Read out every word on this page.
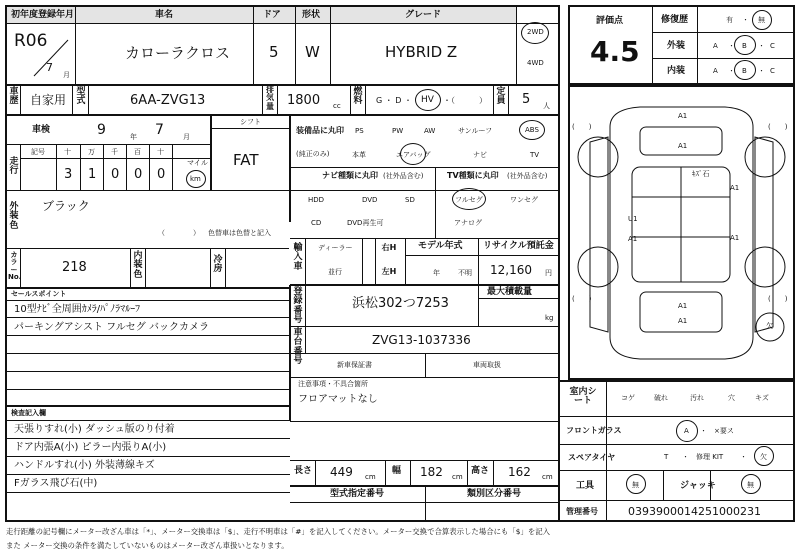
初年度登録年月	車名	ドア 形状	グレード
R06
7
月
カローラクロス	5 W	HYBRID Z
2WD
4WD
車歴 自家用
型式	6AA-ZVG13
排気量 1800 cc
燃料 G ・ D ・ HV ・（　　　）
定員 5 人
車検	9	年 7	月
シフト
FAT
走行
記号	十 万 千 百 十
マイル
3 1 0 0 0	km
外装色
ブラック
（　　　　） 色替車は色替と記入
カラーNo.
218
内装色
冷房
装備品に丸印
(純正のみ)
PS	PW	AW	サンルーフ	ABS
本革	エアバッグ	ナビ	TV
ナビ種類に丸印 (社外品含む)
HDD	DVD	SD
CD	DVD再生可
TV種類に丸印 (社外品含む)
フルセグ	ワンセグ
アナログ
輸入車
ディーラー
並行
右H
左H
モデル年式
年	不明
リサイクル預託金
12,160 円
セールスポイント
10型ﾅﾋﾞ全周囲ｶﾒﾗ/ﾊﾟﾉﾗﾏﾙｰﾌ
パーキングアシスト フルセグ バックカメラ
登録番号
浜松302つ7253
最大積載量
kg
車台番号
ZVG13-1037336
新車保証書	車両取扱
注意事項・不具合箇所
フロアマットなし
検査記入欄
天張りすれ(小) ダッシュ版のり付着
ドア内張A(小) ピラー内張りA(小)
ハンドルすれ(小) 外装薄線キズ
Fガラス飛び石(中)
長さ 449 cm
幅 182 cm
高さ 162 cm
型式指定番号	類別区分番号
評価点
4.5
修復歴	有 ・ 無
外装	A ・ B ・ C
内装	A ・ B ・ C
A1
A1
ｷｽﾞ石
A1
U1
A1	A1
A1
A1
(　　)	(　　)
(　　)	(　　)
欠
室内シート	コゲ	破れ	汚れ	穴	キズ
フロントガラス	A ・ ×要ス
スペアタイヤ	T ・ 修理 KIT ・ 欠
工具	無	ジャッキ	無
管理番号	0393900014251000231
走行距離の記号欄にメーター改ざん車は「*」、メーター交換車は「$」、走行不明車は「#」を記入してください。メーター交換で合算表示した場合にも「$」を記入
また メーター交換の条件を満たしていないものはメーター改ざん車扱いとなります。
